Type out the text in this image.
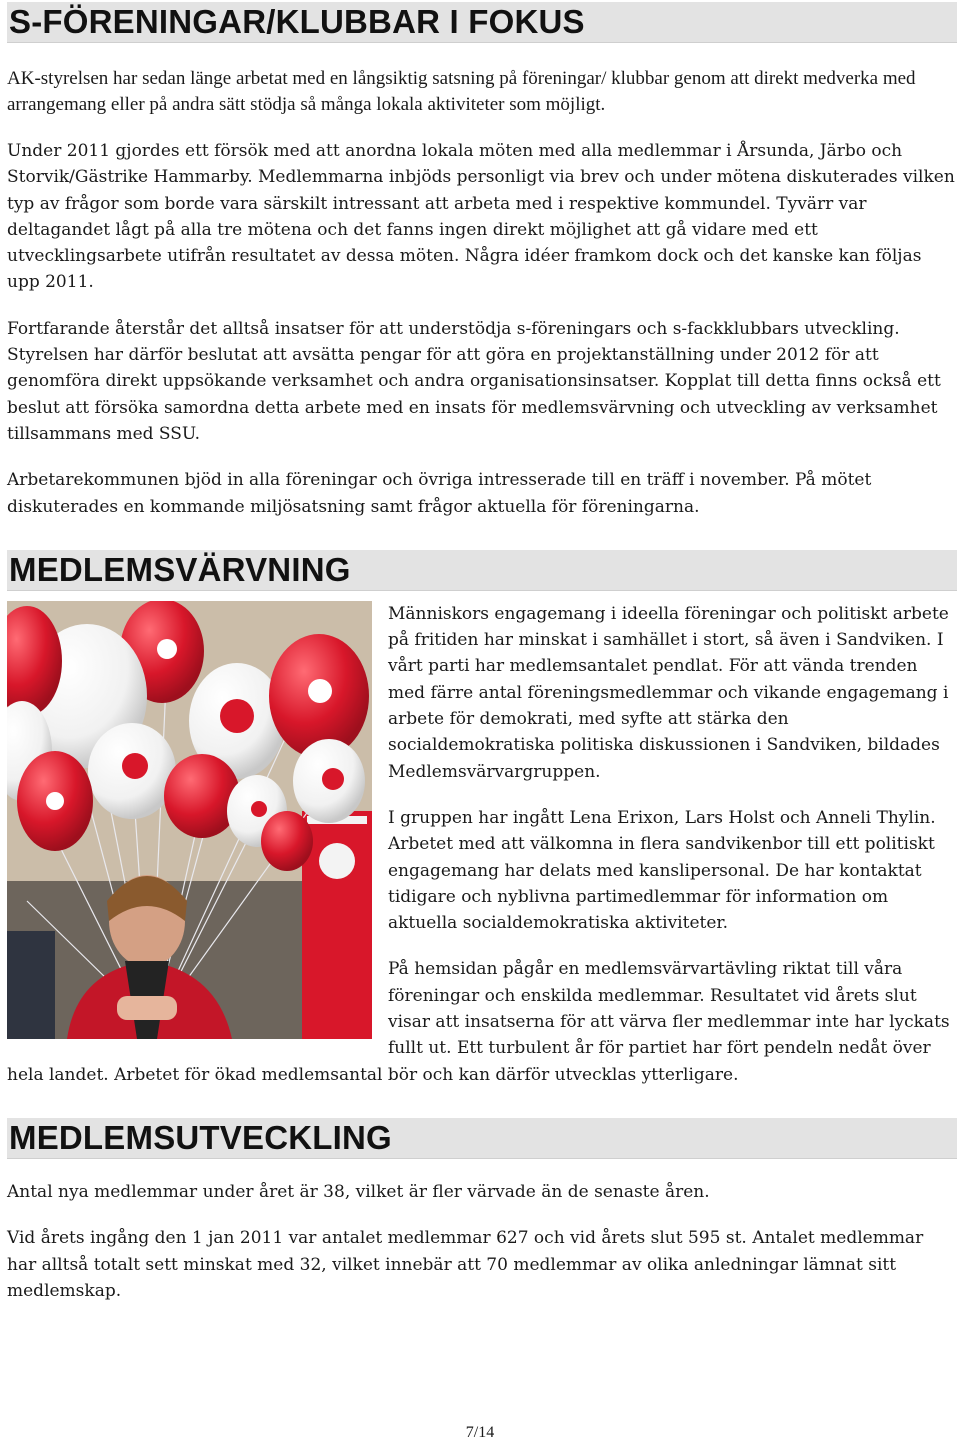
S-FÖRENINGAR/KLUBBAR I FOKUS

AK-styrelsen har sedan länge arbetat med en långsiktig satsning på föreningar/ klubbar genom att direkt medverka med arrangemang eller på andra sätt stödja så många lokala aktiviteter som möjligt.

Under 2011 gjordes ett försök med att anordna lokala möten med alla medlemmar i Årsunda, Järbo och Storvik/Gästrike Hammarby. Medlemmarna inbjöds personligt via brev och under mötena diskuterades vilken typ av frågor som borde vara särskilt intressant att arbeta med i respektive kommundel. Tyvärr var deltagandet lågt på alla tre mötena och det fanns ingen direkt möjlighet att gå vidare med ett utvecklingsarbete utifrån resultatet av dessa möten. Några idéer framkom dock och det kanske kan följas upp 2011.

Fortfarande återstår det alltså insatser för att understödja s-föreningars och s-fackklubbars utveckling. Styrelsen har därför beslutat att avsätta pengar för att göra en projektanställning under 2012 för att genomföra direkt uppsökande verksamhet och andra organisationsinsatser. Kopplat till detta finns också ett beslut att försöka samordna detta arbete med en insats för medlemsvärvning och utveckling av verksamhet tillsammans med SSU.

Arbetarekommunen bjöd in alla föreningar och övriga intresserade till en träff i november. På mötet diskuterades en kommande miljösatsning samt frågor aktuella för föreningarna.

MEDLEMSVÄRVNING

Människors engagemang i ideella föreningar och politiskt arbete på fritiden har minskat i samhället i stort, så även i Sandviken. I vårt parti har medlemsantalet pendlat. För att vända trenden med färre antal föreningsmedlemmar och vikande engagemang i arbete för demokrati, med syfte att stärka den socialdemokratiska politiska diskussionen i Sandviken, bildades Medlemsvärvargruppen.

I gruppen har ingått Lena Erixon, Lars Holst och Anneli Thylin. Arbetet med att välkomna in flera sandvikenbor till ett politiskt engagemang har delats med kanslipersonal. De har kontaktat tidigare och nyblivna partimedlemmar för information om aktuella socialdemokratiska aktiviteter.

På hemsidan pågår en medlemsvärvartävling riktat till våra föreningar och enskilda medlemmar. Resultatet vid årets slut visar att insatserna för att värva fler medlemmar inte har lyckats fullt ut. Ett turbulent år för partiet har fört pendeln nedåt över hela landet. Arbetet för ökad medlemsantal bör och kan därför utvecklas ytterligare.

MEDLEMSUTVECKLING

Antal nya medlemmar under året är 38, vilket är fler värvade än de senaste åren.

Vid årets ingång den 1 jan 2011 var antalet medlemmar 627 och vid årets slut 595 st. Antalet medlemmar har alltså totalt sett minskat med 32, vilket innebär att 70 medlemmar av olika anledningar lämnat sitt medlemskap.

7/14
